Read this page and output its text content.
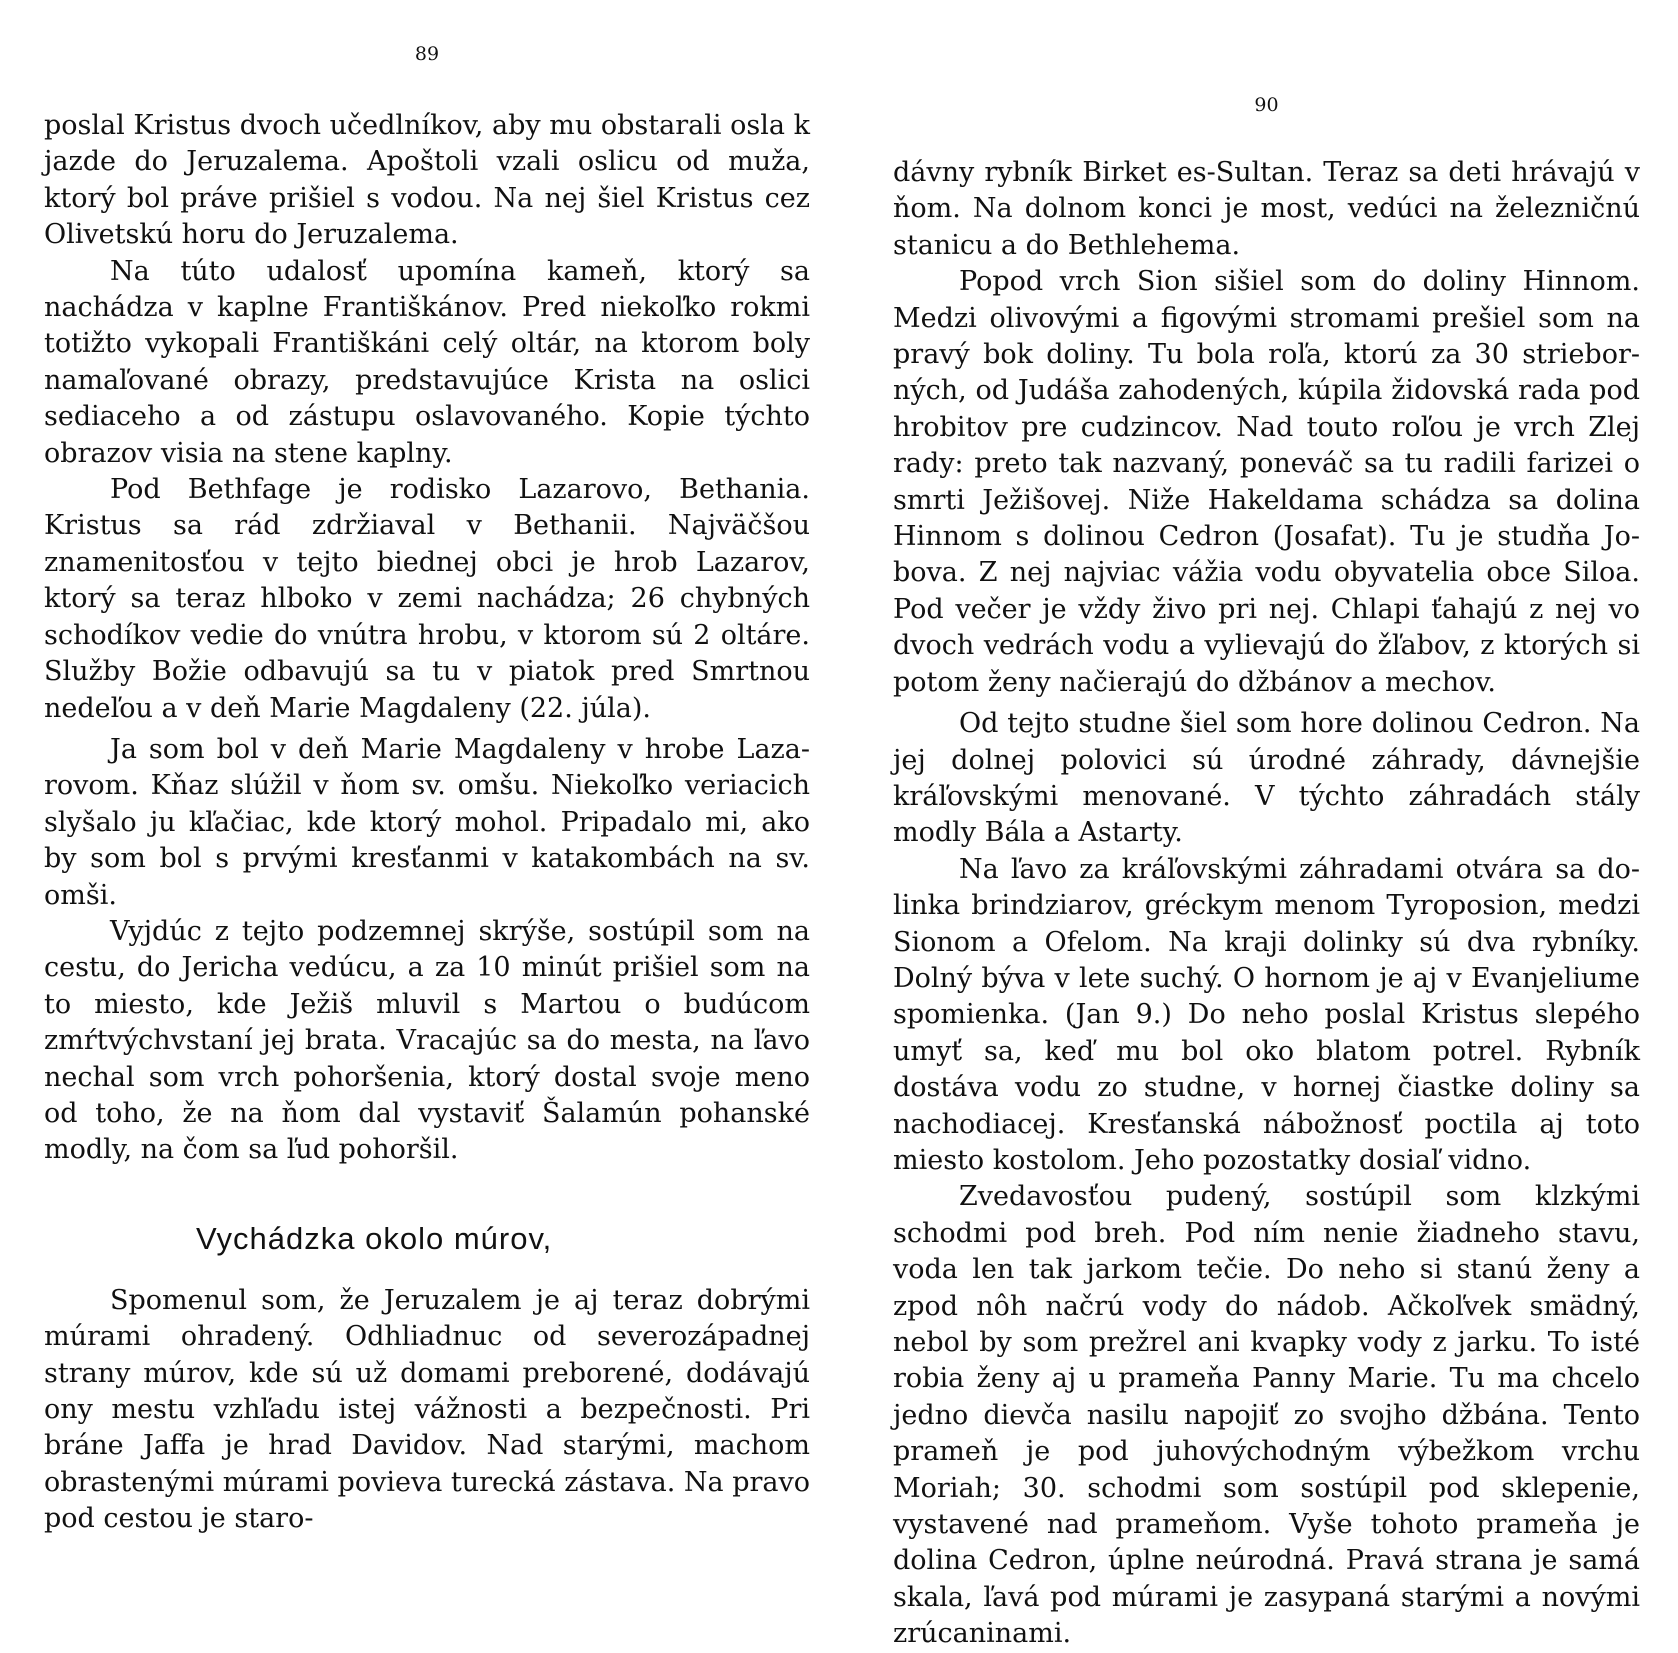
89

poslal Kristus dvoch učedlníkov, aby mu obstarali osla k jazde do Jeruzalema. Apoštoli vzali oslicu od muža, ktorý bol práve prišiel s vodou. Na nej šiel Kristus cez Olivetskú horu do Jeruzalema.

Na túto udalosť upomína kameň, ktorý sa nachádza v kaplne Františkánov. Pred niekoľko rokmi totižto vykopali Františkáni celý oltár, na ktorom boly namaľované obrazy, predstavujúce Krista na oslici sediaceho a od zástupu oslavovaného. Kopie týchto obrazov visia na stene kaplny.

Pod Bethfage je rodisko Lazarovo, Bethania. Kristus sa rád zdržiaval v Bethanii. Najväčšou znamenitosťou v tejto biednej obci je hrob Lazarov, ktorý sa teraz hlboko v zemi nachádza; 26 chybných schodíkov vedie do vnútra hrobu, v ktorom sú 2 oltáre. Služby Božie odbavujú sa tu v piatok pred Smrtnou nedeľou a v deň Marie Magdaleny (22. júla).

Ja som bol v deň Marie Magdaleny v hrobe Lazarovom. Kňaz slúžil v ňom sv. omšu. Niekoľko veriacich slyšalo ju kľačiac, kde ktorý mohol. Pripadalo mi, ako by som bol s prvými kresťanmi v katakombách na sv. omši.

Vyjdúc z tejto podzemnej skrýše, sostúpil som na cestu, do Jericha vedúcu, a za 10 minút prišiel som na to miesto, kde Ježiš mluvil s Martou o budúcom zmŕtvýchvstaní jej brata. Vracajúc sa do mesta, na ľavo nechal som vrch pohoršenia, ktorý dostal svoje meno od toho, že na ňom dal vystaviť Šalamún pohanské modly, na čom sa ľud pohoršil.

Vychádzka okolo múrov,

Spomenul som, že Jeruzalem je aj teraz dobrými múrami ohradený. Odhliadnuc od severozápadnej strany múrov, kde sú už domami preborené, dodávajú ony mestu vzhľadu istej vážnosti a bezpečnosti. Pri bráne Jaffa je hrad Davidov. Nad starými, machom obrastenými múrami povieva turecká zástava. Na pravo pod cestou je staro-

90

dávny rybník Birket es-Sultan. Teraz sa deti hrávajú v ňom. Na dolnom konci je most, vedúci na železničnú stanicu a do Bethlehema.

Popod vrch Sion sišiel som do doliny Hinnom. Medzi olivovými a figovými stromami prešiel som na pravý bok doliny. Tu bola roľa, ktorú za 30 strieborných, od Judáša zahodených, kúpila židovská rada pod hrobitov pre cudzincov. Nad touto roľou je vrch Zlej rady: preto tak nazvaný, poneváč sa tu radili farizei o smrti Ježišovej. Niže Hakeldama schádza sa dolina Hinnom s dolinou Cedron (Josafat). Tu je studňa Jobova. Z nej najviac vážia vodu obyvatelia obce Siloa. Pod večer je vždy živo pri nej. Chlapi ťahajú z nej vo dvoch vedrách vodu a vylievajú do žľabov, z ktorých si potom ženy načierajú do džbánov a mechov.

Od tejto studne šiel som hore dolinou Cedron. Na jej dolnej polovici sú úrodné záhrady, dávnejšie kráľovskými menované. V týchto záhradách stály modly Bála a Astarty.

Na ľavo za kráľovskými záhradami otvára sa dolinka brindziarov, gréckym menom Tyroposion, medzi Sionom a Ofelom. Na kraji dolinky sú dva rybníky. Dolný býva v lete suchý. O hornom je aj v Evanjeliume spomienka. (Jan 9.) Do neho poslal Kristus slepého umyť sa, keď mu bol oko blatom potrel. Rybník dostáva vodu zo studne, v hornej čiastke doliny sa nachodiacej. Kresťanská nábožnosť poctila aj toto miesto kostolom. Jeho pozostatky dosiaľ vidno.

Zvedavosťou pudený, sostúpil som klzkými schodmi pod breh. Pod ním nenie žiadneho stavu, voda len tak jarkom tečie. Do neho si stanú ženy a zpod nôh načrú vody do nádob. Ačkoľvek smädný, nebol by som prežrel ani kvapky vody z jarku. To isté robia ženy aj u prameňa Panny Marie. Tu ma chcelo jedno dievča nasilu napojiť zo svojho džbána. Tento prameň je pod juhovýchodným výbežkom vrchu Moriah; 30. schodmi som sostúpil pod sklepenie, vystavené nad prameňom. Vyše tohoto prameňa je dolina Cedron, úplne neúrodná. Pravá strana je samá skala, ľavá pod múrami je zasypaná starými a novými zrúcaninami.
